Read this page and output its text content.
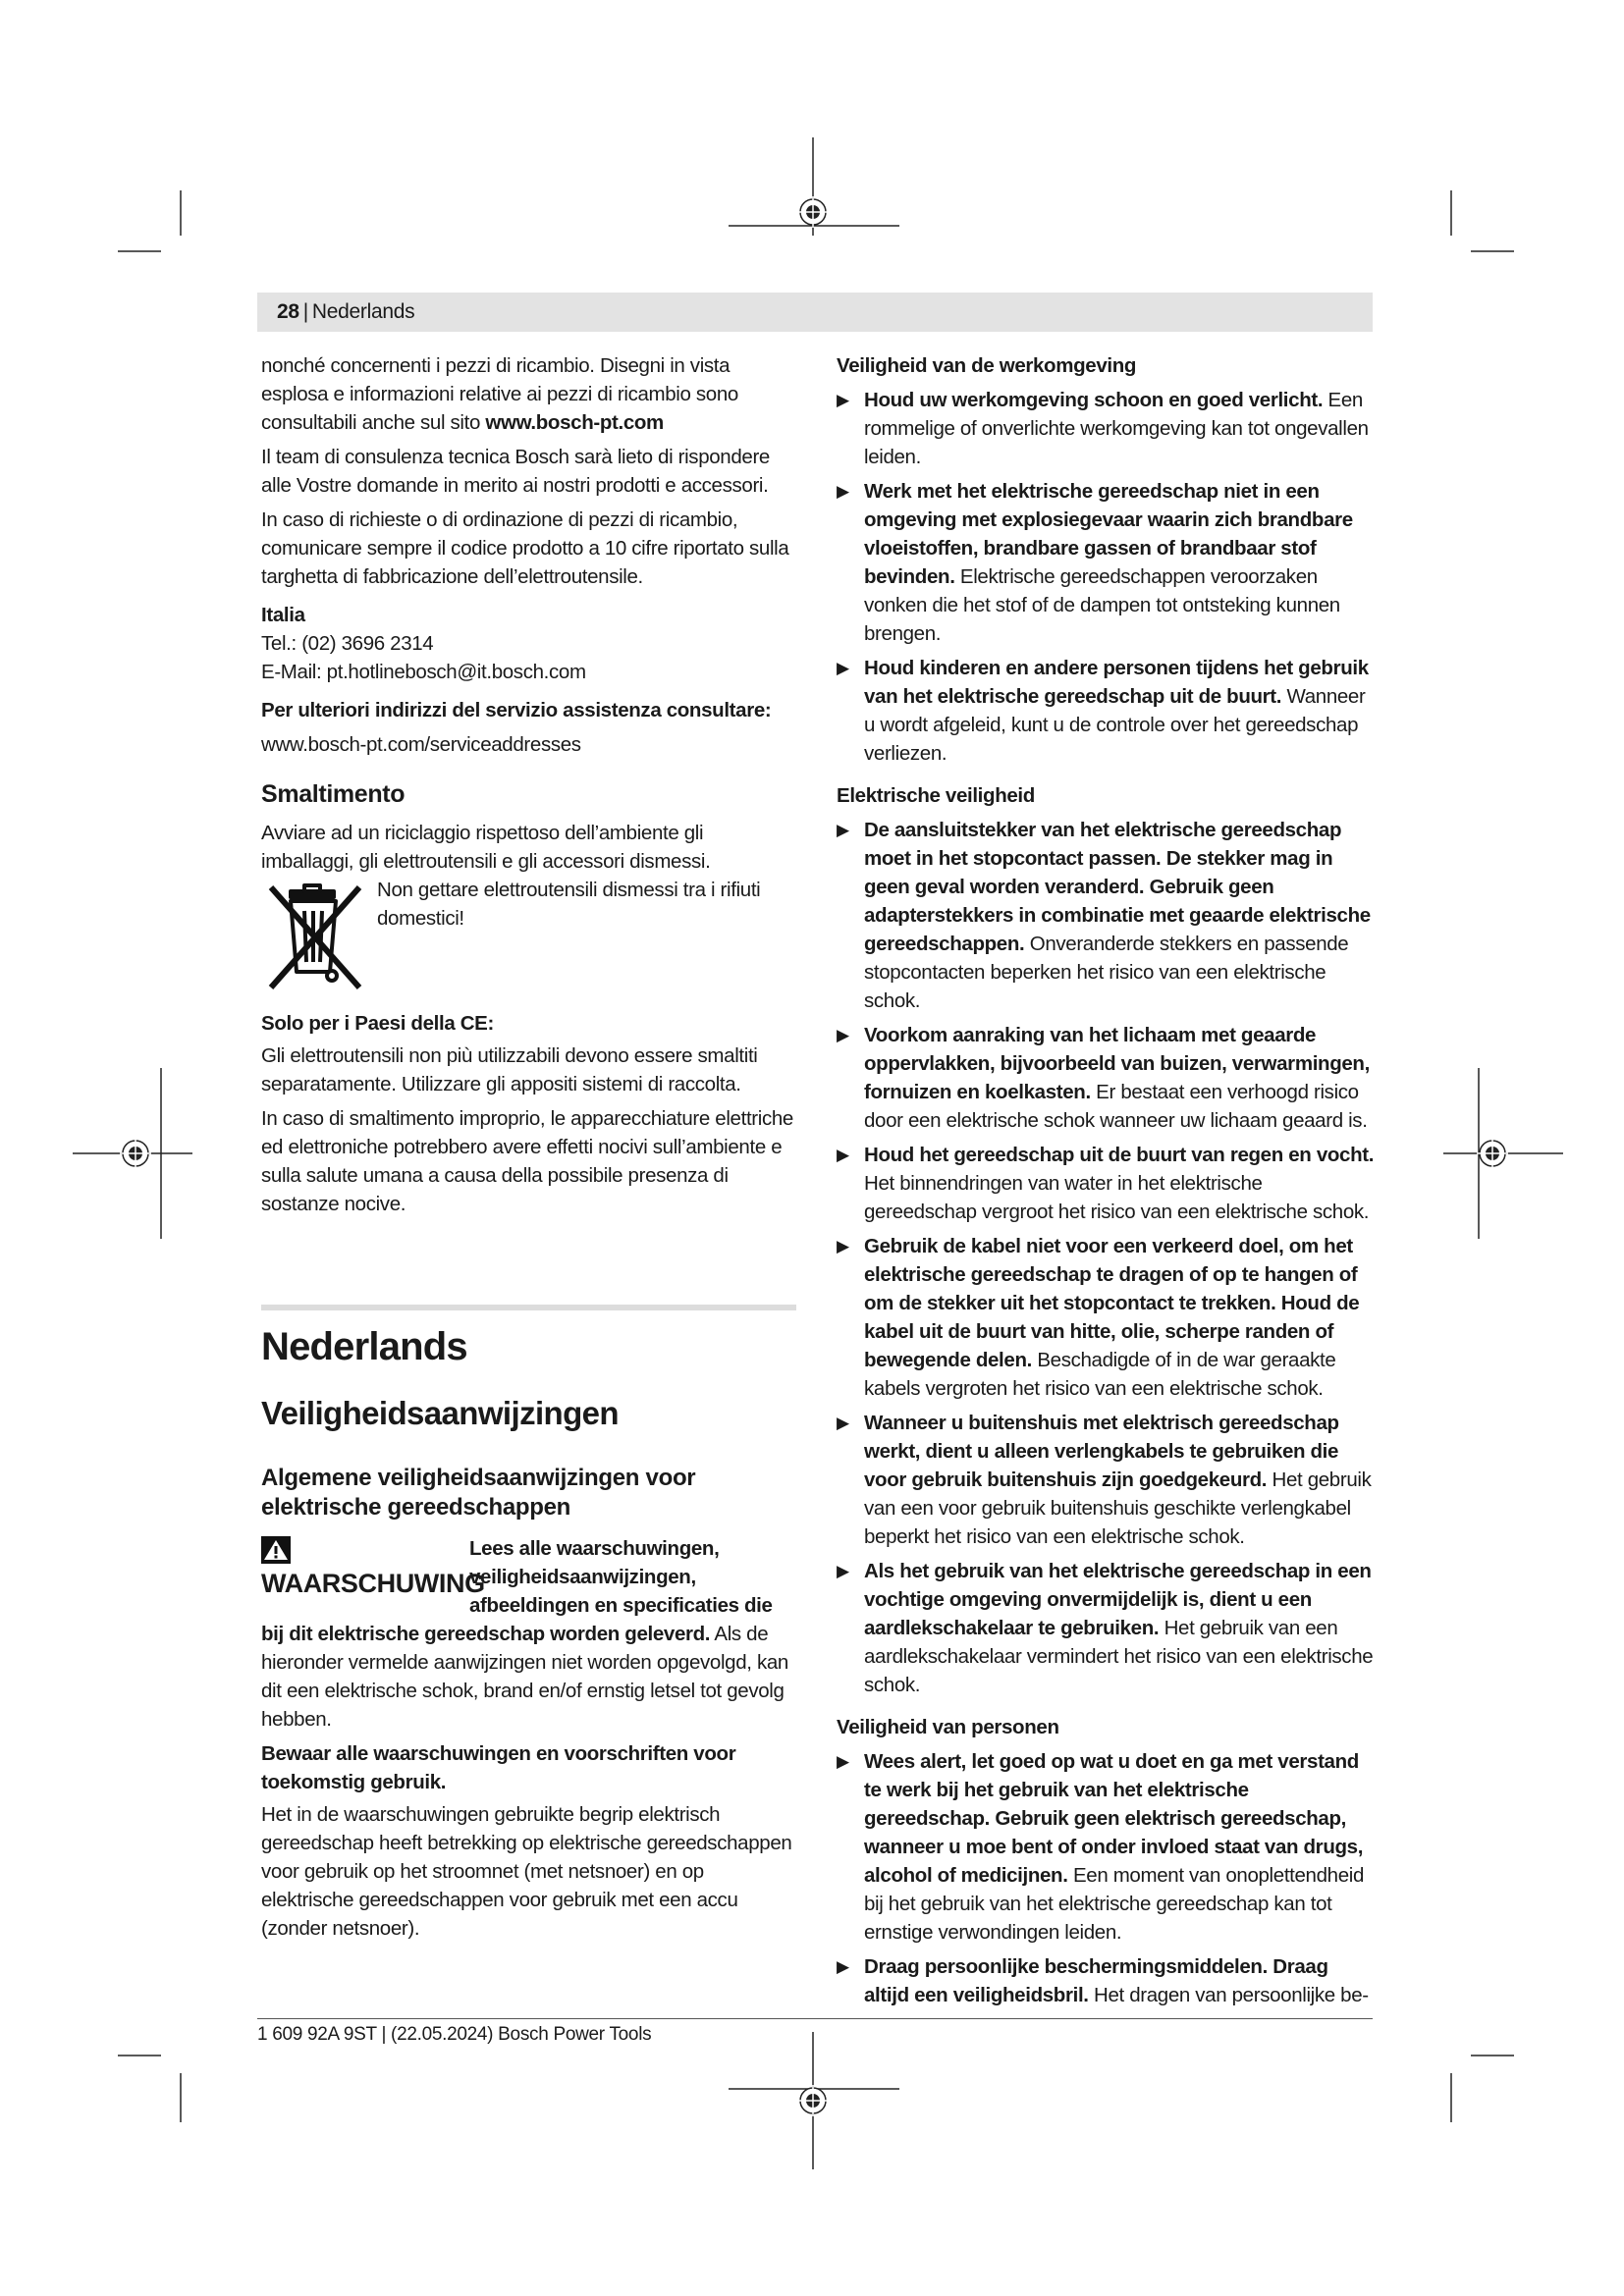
28 | Nederlands

nonché concernenti i pezzi di ricambio. Disegni in vista esplosa e informazioni relative ai pezzi di ricambio sono consultabili anche sul sito www.bosch-pt.com

Il team di consulenza tecnica Bosch sarà lieto di rispondere alle Vostre domande in merito ai nostri prodotti e accessori.

In caso di richieste o di ordinazione di pezzi di ricambio, comunicare sempre il codice prodotto a 10 cifre riportato sulla targhetta di fabbricazione dell’elettroutensile.

Italia

Tel.: (02) 3696 2314

E-Mail: pt.hotlinebosch@it.bosch.com

Per ulteriori indirizzi del servizio assistenza consultare:

www.bosch-pt.com/serviceaddresses

Smaltimento

Avviare ad un riciclaggio rispettoso dell’ambiente gli imballaggi, gli elettroutensili e gli accessori dismessi.

Non gettare elettroutensili dismessi tra i rifiuti domestici!

Solo per i Paesi della CE:

Gli elettroutensili non più utilizzabili devono essere smaltiti separatamente. Utilizzare gli appositi sistemi di raccolta.

In caso di smaltimento improprio, le apparecchiature elettriche ed elettroniche potrebbero avere effetti nocivi sull’ambiente e sulla salute umana a causa della possibile presenza di sostanze nocive.

Nederlands
Veiligheidsaanwijzingen
Algemene veiligheidsaanwijzingen voor elektrische gereedschappen
WAARSCHUWING

Lees alle waarschuwingen, veiligheidsaanwijzingen, afbeeldingen en specificaties die bij dit elektrische gereedschap worden geleverd. Als de hieronder vermelde aanwijzingen niet worden opgevolgd, kan dit een elektrische schok, brand en/of ernstig letsel tot gevolg hebben.

Bewaar alle waarschuwingen en voorschriften voor toekomstig gebruik.

Het in de waarschuwingen gebruikte begrip elektrisch gereedschap heeft betrekking op elektrische gereedschappen voor gebruik op het stroomnet (met netsnoer) en op elektrische gereedschappen voor gebruik met een accu (zonder netsnoer).

Veiligheid van de werkomgeving

▶ Houd uw werkomgeving schoon en goed verlicht. Een rommelige of onverlichte werkomgeving kan tot ongevallen leiden.
▶ Werk met het elektrische gereedschap niet in een omgeving met explosiegevaar waarin zich brandbare vloeistoffen, brandbare gassen of brandbaar stof bevinden. Elektrische gereedschappen veroorzaken vonken die het stof of de dampen tot ontsteking kunnen brengen.
▶ Houd kinderen en andere personen tijdens het gebruik van het elektrische gereedschap uit de buurt. Wanneer u wordt afgeleid, kunt u de controle over het gereedschap verliezen.

Elektrische veiligheid

▶ De aansluitstekker van het elektrische gereedschap moet in het stopcontact passen. De stekker mag in geen geval worden veranderd. Gebruik geen adapterstekkers in combinatie met geaarde elektrische gereedschappen. Onveranderde stekkers en passende stopcontacten beperken het risico van een elektrische schok.
▶ Voorkom aanraking van het lichaam met geaarde oppervlakken, bijvoorbeeld van buizen, verwarmingen, fornuizen en koelkasten. Er bestaat een verhoogd risico door een elektrische schok wanneer uw lichaam geaard is.
▶ Houd het gereedschap uit de buurt van regen en vocht. Het binnendringen van water in het elektrische gereedschap vergroot het risico van een elektrische schok.
▶ Gebruik de kabel niet voor een verkeerd doel, om het elektrische gereedschap te dragen of op te hangen of om de stekker uit het stopcontact te trekken. Houd de kabel uit de buurt van hitte, olie, scherpe randen of bewegende delen. Beschadigde of in de war geraakte kabels vergroten het risico van een elektrische schok.
▶ Wanneer u buitenshuis met elektrisch gereedschap werkt, dient u alleen verlengkabels te gebruiken die voor gebruik buitenshuis zijn goedgekeurd. Het gebruik van een voor gebruik buitenshuis geschikte verlengkabel beperkt het risico van een elektrische schok.
▶ Als het gebruik van het elektrische gereedschap in een vochtige omgeving onvermijdelijk is, dient u een aardlekschakelaar te gebruiken. Het gebruik van een aardlekschakelaar vermindert het risico van een elektrische schok.

Veiligheid van personen

▶ Wees alert, let goed op wat u doet en ga met verstand te werk bij het gebruik van het elektrische gereedschap. Gebruik geen elektrisch gereedschap, wanneer u moe bent of onder invloed staat van drugs, alcohol of medicijnen. Een moment van onoplettendheid bij het gebruik van het elektrische gereedschap kan tot ernstige verwondingen leiden.
▶ Draag persoonlijke beschermingsmiddelen. Draag altijd een veiligheidsbril. Het dragen van persoonlijke be-
1 609 92A 9ST | (22.05.2024) Bosch Power Tools
